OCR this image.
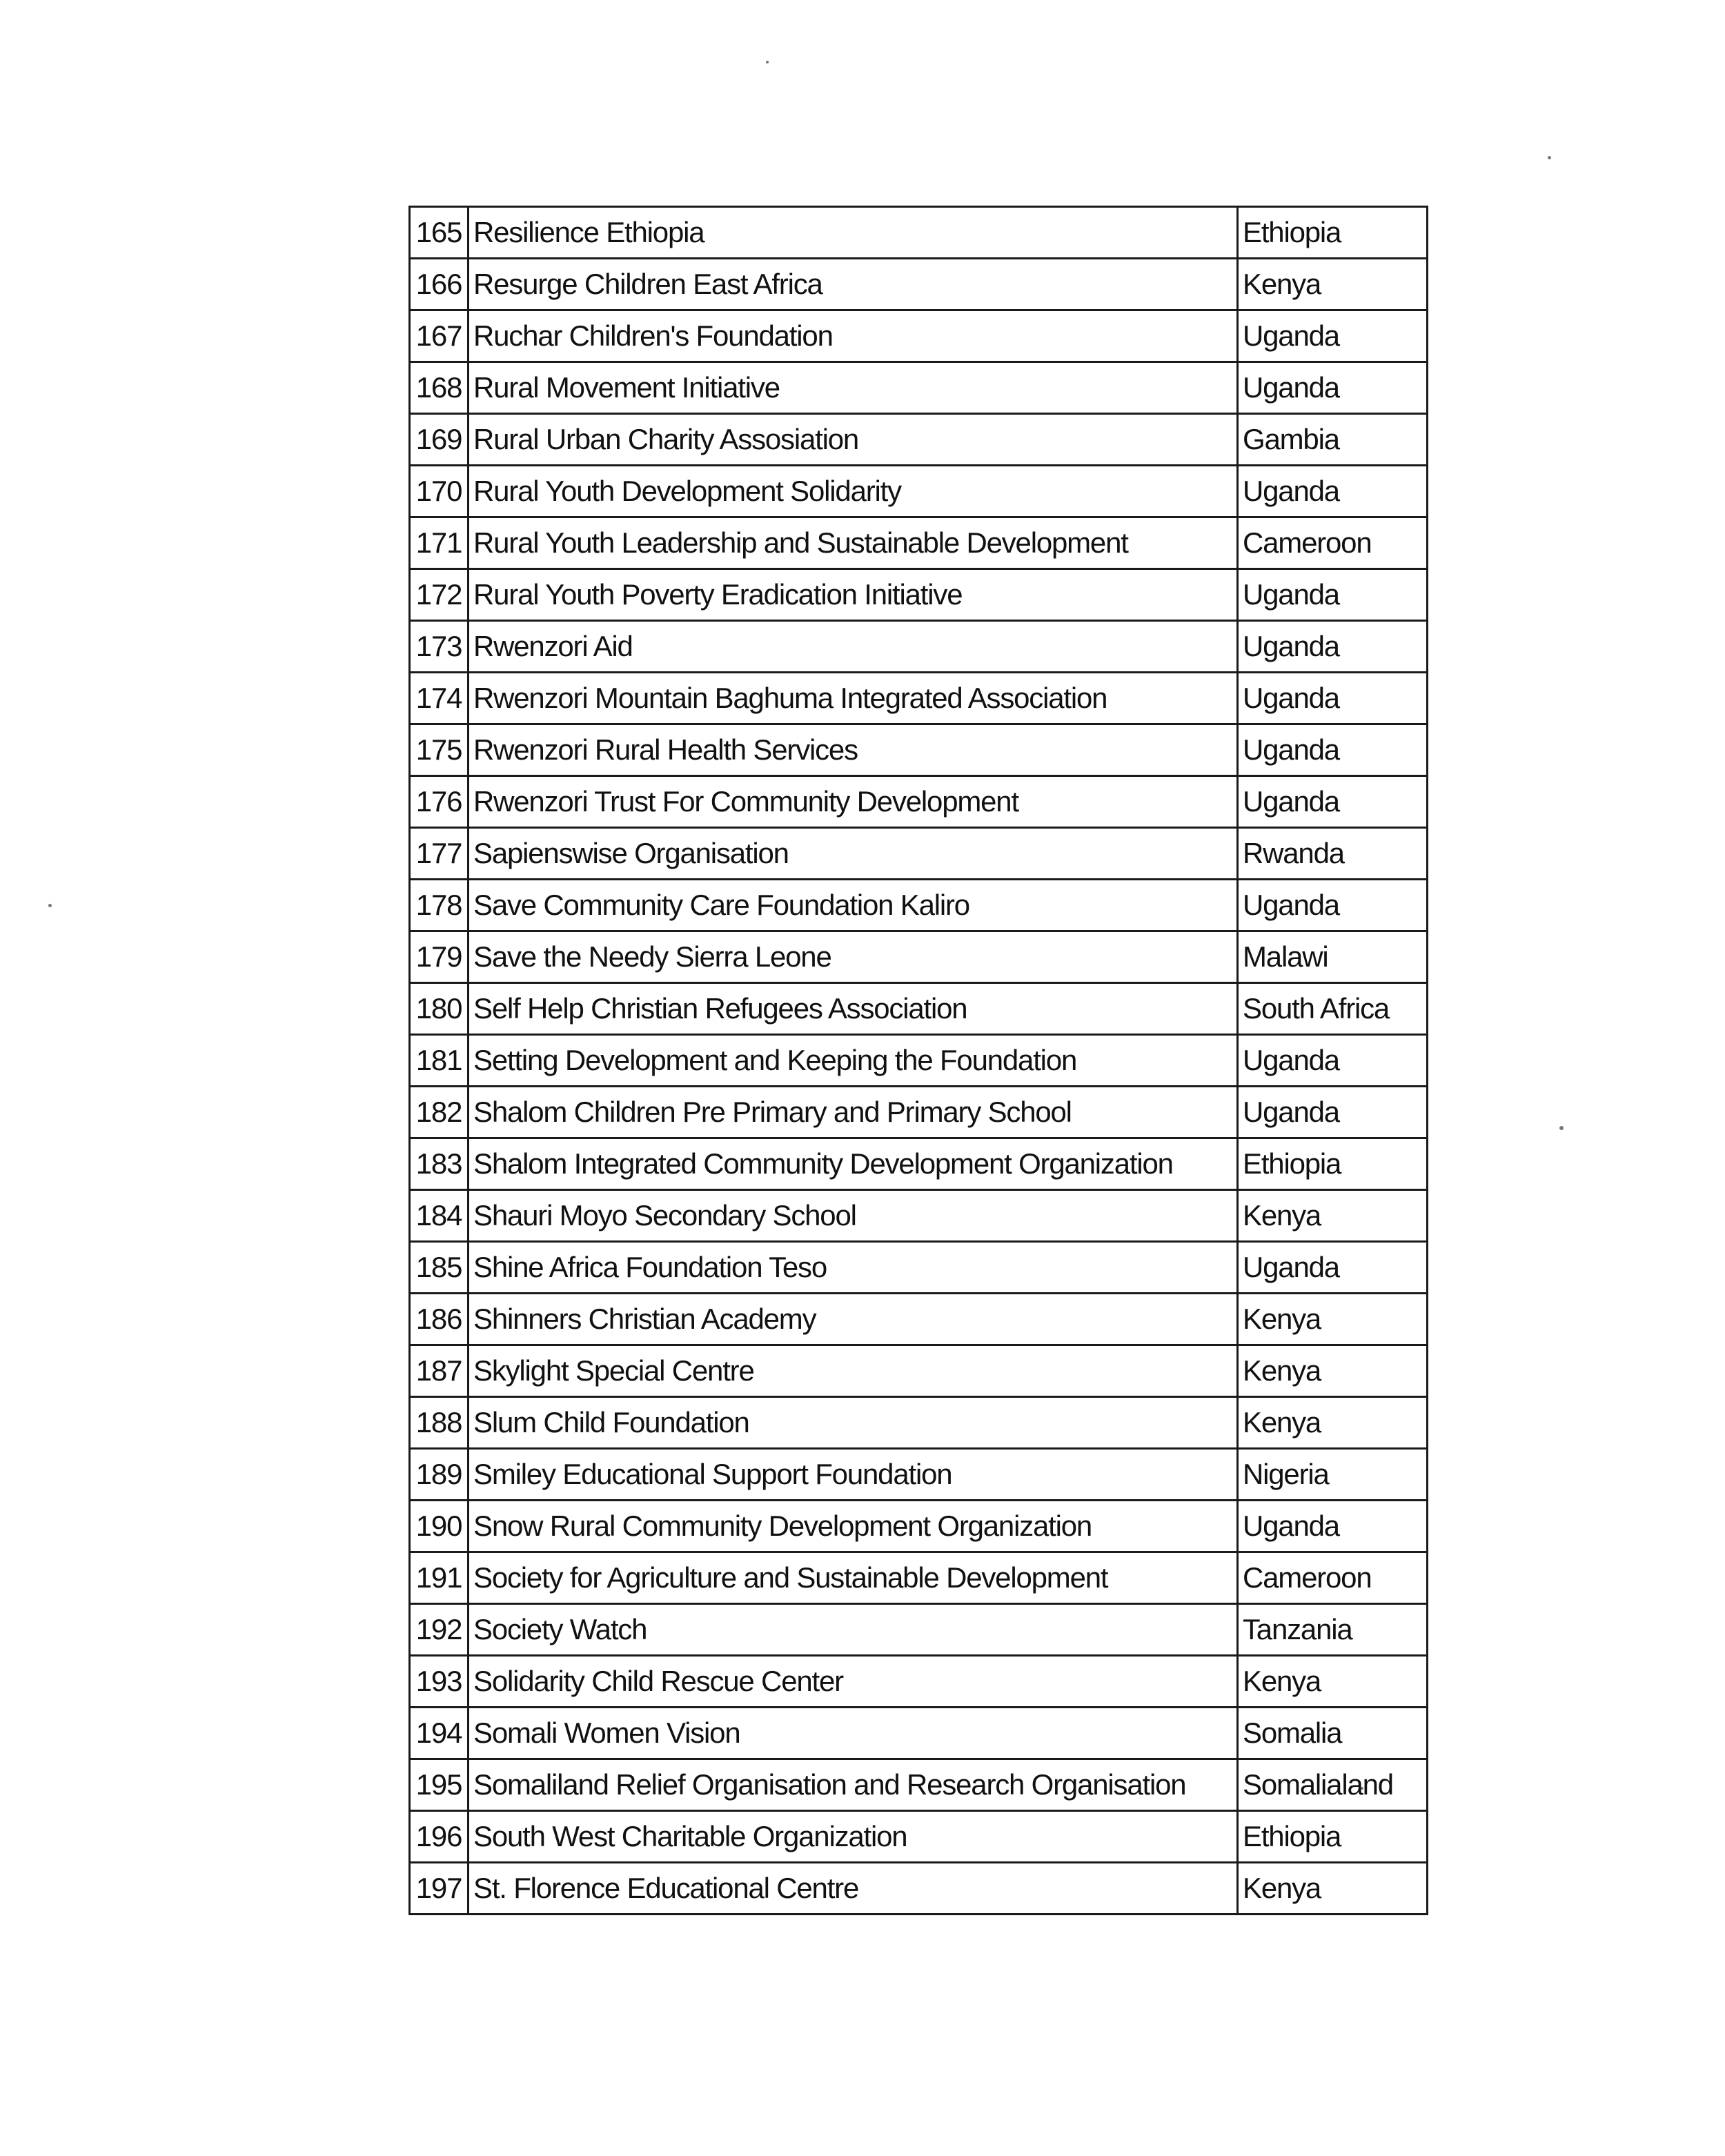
165	Resilience Ethiopia	Ethiopia
166	Resurge Children East Africa	Kenya
167	Ruchar Children's Foundation	Uganda
168	Rural Movement Initiative	Uganda
169	Rural Urban Charity Assosiation	Gambia
170	Rural Youth Development Solidarity	Uganda
171	Rural Youth Leadership and Sustainable Development	Cameroon
172	Rural Youth Poverty Eradication Initiative	Uganda
173	Rwenzori Aid	Uganda
174	Rwenzori Mountain Baghuma Integrated Association	Uganda
175	Rwenzori Rural Health Services	Uganda
176	Rwenzori Trust For Community Development	Uganda
177	Sapienswise Organisation	Rwanda
178	Save Community Care Foundation Kaliro	Uganda
179	Save the Needy Sierra Leone	Malawi
180	Self Help Christian Refugees Association	South Africa
181	Setting Development and Keeping the Foundation	Uganda
182	Shalom Children Pre Primary and Primary School	Uganda
183	Shalom Integrated Community Development Organization	Ethiopia
184	Shauri Moyo Secondary School	Kenya
185	Shine Africa Foundation Teso	Uganda
186	Shinners Christian Academy	Kenya
187	Skylight Special Centre	Kenya
188	Slum Child Foundation	Kenya
189	Smiley Educational Support Foundation	Nigeria
190	Snow Rural Community Development Organization	Uganda
191	Society for Agriculture and Sustainable Development	Cameroon
192	Society Watch	Tanzania
193	Solidarity Child Rescue Center	Kenya
194	Somali Women Vision	Somalia
195	Somaliland Relief Organisation and Research Organisation	Somalialand
196	South West Charitable Organization	Ethiopia
197	St. Florence Educational Centre	Kenya
